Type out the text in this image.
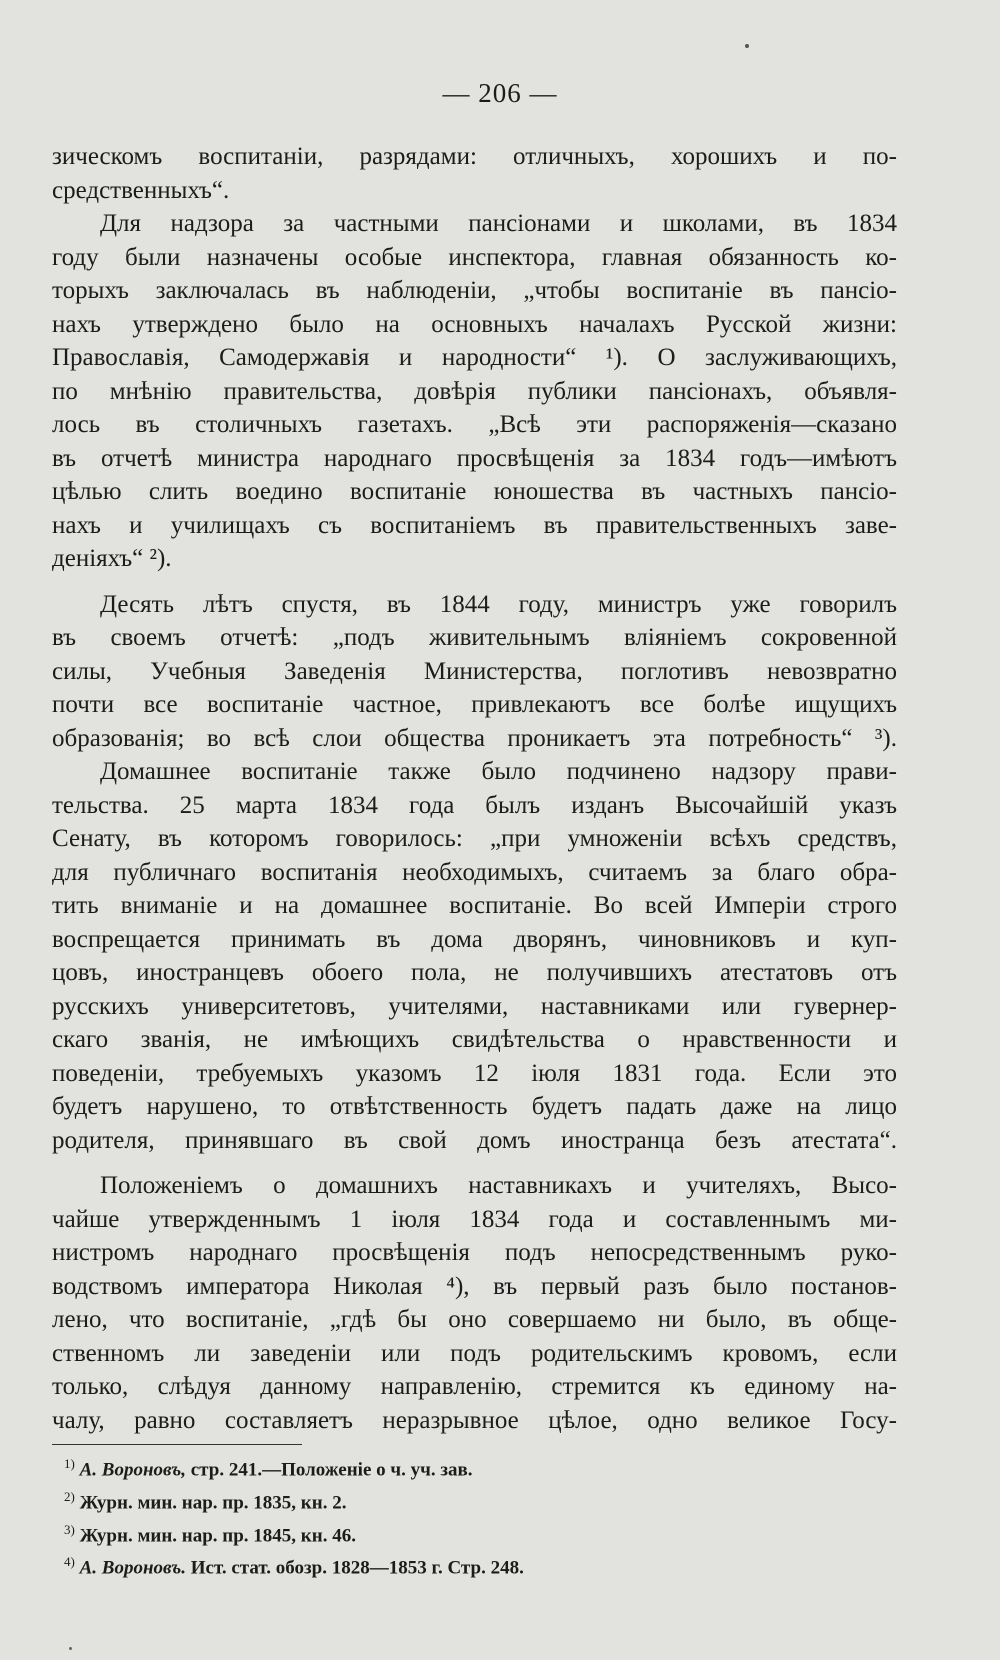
— 206 —
зическомъ воспитаніи, разрядами: отличныхъ, хорошихъ и по-
средственныхъ“.
Для надзора за частными пансіонами и школами, въ 1834
году были назначены особые инспектора, главная обязанность ко-
торыхъ заключалась въ наблюденіи, „чтобы воспитаніе въ пансіо-
нахъ утверждено было на основныхъ началахъ Русской жизни:
Православія, Самодержавія и народности“ ¹). О заслуживающихъ,
по мнѣнію правительства, довѣрія публики пансіонахъ, объявля-
лось въ столичныхъ газетахъ. „Всѣ эти распоряженія—сказано
въ отчетѣ министра народнаго просвѣщенія за 1834 годъ—имѣютъ
цѣлью слить воедино воспитаніе юношества въ частныхъ пансіо-
нахъ и училищахъ съ воспитаніемъ въ правительственныхъ заве-
деніяхъ“ ²).
Десять лѣтъ спустя, въ 1844 году, министръ уже говорилъ
въ своемъ отчетѣ: „подъ живительнымъ вліяніемъ сокровенной
силы, Учебныя Заведенія Министерства, поглотивъ невозвратно
почти все воспитаніе частное, привлекаютъ все болѣе ищущихъ
образованія; во всѣ слои общества проникаетъ эта потребность“ ³).
Домашнее воспитаніе также было подчинено надзору прави-
тельства. 25 марта 1834 года былъ изданъ Высочайшій указъ
Сенату, въ которомъ говорилось: „при умноженіи всѣхъ средствъ,
для публичнаго воспитанія необходимыхъ, считаемъ за благо обра-
тить вниманіе и на домашнее воспитаніе. Во всей Имперіи строго
воспрещается принимать въ дома дворянъ, чиновниковъ и куп-
цовъ, иностранцевъ обоего пола, не получившихъ атестатовъ отъ
русскихъ университетовъ, учителями, наставниками или гувернер-
скаго званія, не имѣющихъ свидѣтельства о нравственности и
поведеніи, требуемыхъ указомъ 12 іюля 1831 года. Если это
будетъ нарушено, то отвѣтственность будетъ падать даже на лицо
родителя, принявшаго въ свой домъ иностранца безъ атестата“.
Положеніемъ о домашнихъ наставникахъ и учителяхъ, Высо-
чайше утвержденнымъ 1 іюля 1834 года и составленнымъ ми-
нистромъ народнаго просвѣщенія подъ непосредственнымъ руко-
водствомъ императора Николая ⁴), въ первый разъ было постанов-
лено, что воспитаніе, „гдѣ бы оно совершаемо ни было, въ обще-
ственномъ ли заведеніи или подъ родительскимъ кровомъ, если
только, слѣдуя данному направленію, стремится къ единому на-
чалу, равно составляетъ неразрывное цѣлое, одно великое Госу-
$^{1)}$ А. Вороновъ, стр. 241.—Положеніе о ч. уч. зав.
$^{2)}$ Журн. мин. нар. пр. 1835, кн. 2.
$^{3)}$ Журн. мин. нар. пр. 1845, кн. 46.
$^{4)}$ А. Вороновъ. Ист. стат. обозр. 1828—1853 г. Стр. 248.
